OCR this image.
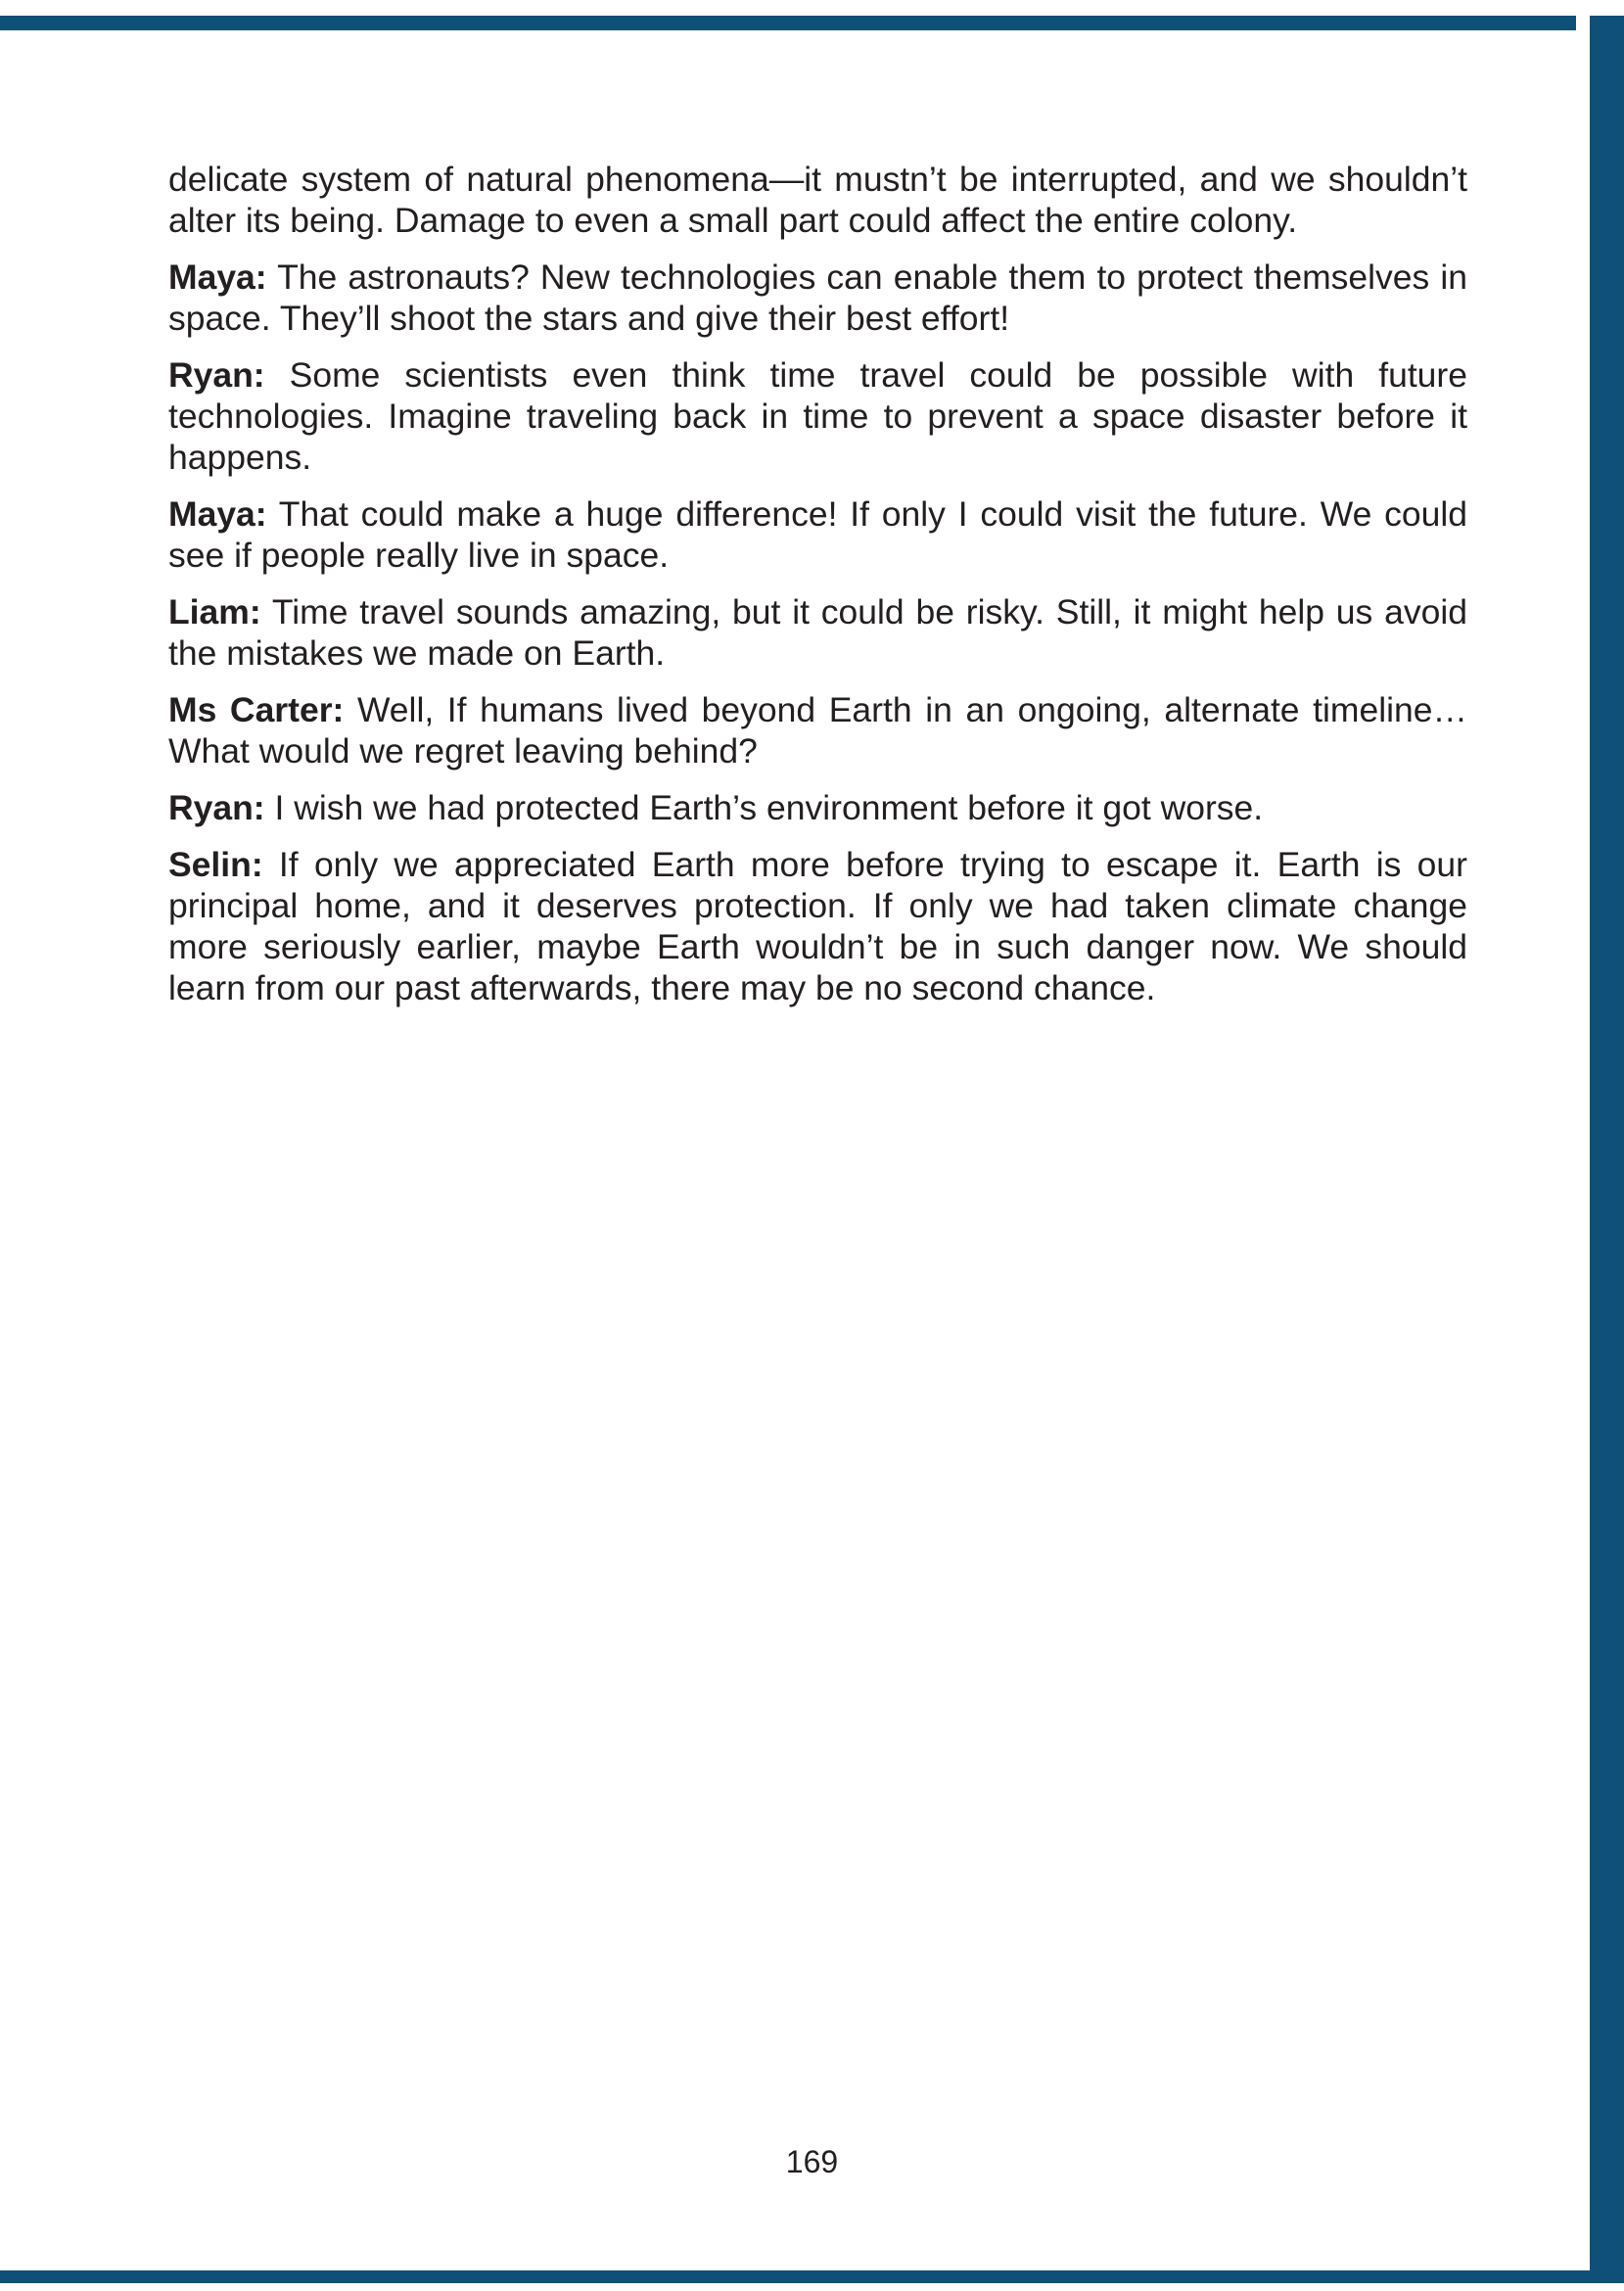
delicate system of natural phenomena—it mustn’t be interrupted, and we shouldn’t alter its being. Damage to even a small part could affect the entire colony.

Maya: The astronauts? New technologies can enable them to protect themselves in space. They’ll shoot the stars and give their best effort!

Ryan: Some scientists even think time travel could be possible with future technologies. Imagine traveling back in time to prevent a space disaster before it happens.

Maya: That could make a huge difference! If only I could visit the future. We could see if people really live in space.

Liam: Time travel sounds amazing, but it could be risky. Still, it might help us avoid the mistakes we made on Earth.

Ms Carter: Well, If humans lived beyond Earth in an ongoing, alternate timeline… What would we regret leaving behind?

Ryan: I wish we had protected Earth’s environment before it got worse.

Selin: If only we appreciated Earth more before trying to escape it. Earth is our principal home, and it deserves protection. If only we had taken climate change more seriously earlier, maybe Earth wouldn’t be in such danger now. We should learn from our past afterwards, there may be no second chance.

169
